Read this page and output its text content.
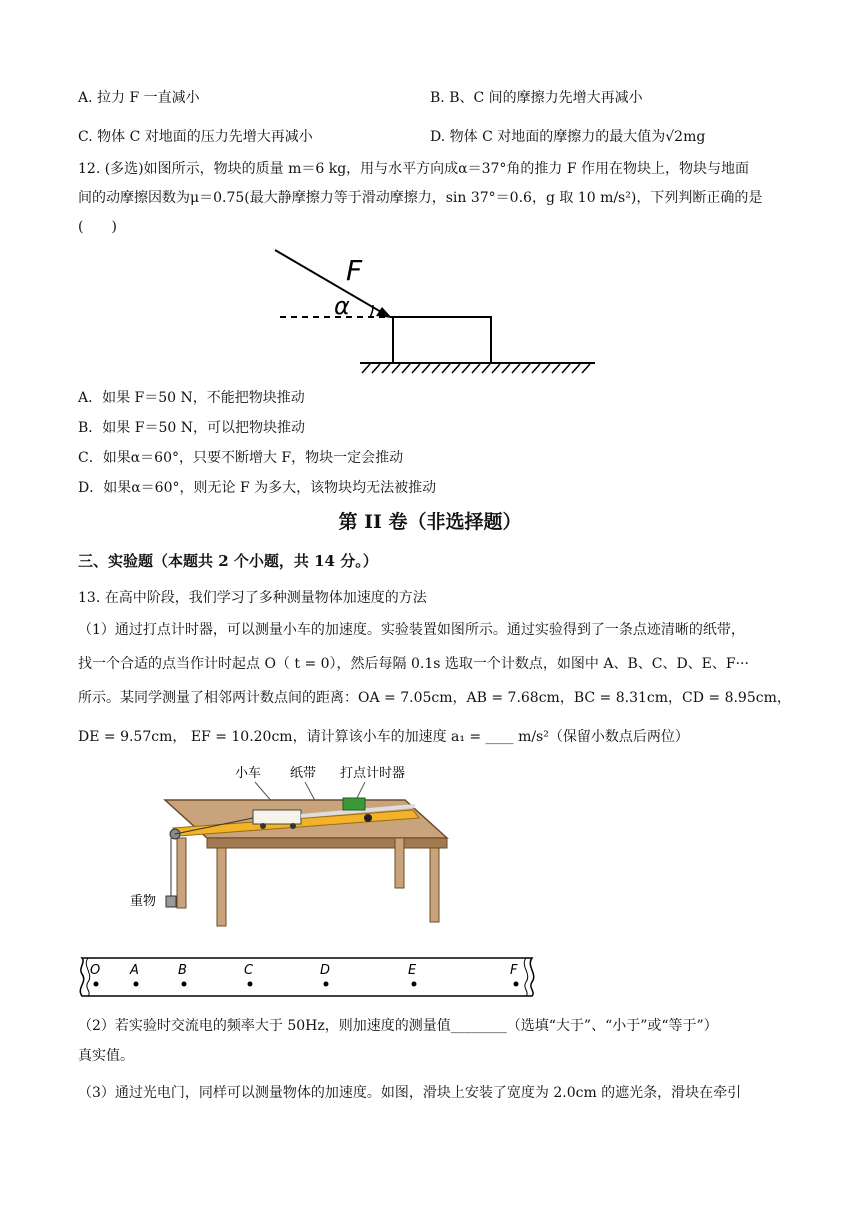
A. 拉力 F 一直减小	B. B、C 间的摩擦力先增大再减小
C. 物体 C 对地面的压力先增大再减小	D. 物体 C 对地面的摩擦力的最大值为√2mg
12. (多选)如图所示，物块的质量 m＝6 kg，用与水平方向成α＝37°角的推力 F 作用在物块上，物块与地面
间的动摩擦因数为μ＝0.75(最大静摩擦力等于滑动摩擦力，sin 37°＝0.6，g 取 10 m/s²)，下列判断正确的是
(　　)
F
α
A．如果 F＝50 N，不能把物块推动
B．如果 F＝50 N，可以把物块推动
C．如果α＝60°，只要不断增大 F，物块一定会推动
D．如果α＝60°，则无论 F 为多大，该物块均无法被推动
第 II 卷（非选择题）
三、实验题（本题共 2 个小题，共 14 分。）
13. 在高中阶段，我们学习了多种测量物体加速度的方法
（1）通过打点计时器，可以测量小车的加速度。实验装置如图所示。通过实验得到了一条点迹清晰的纸带，
找一个合适的点当作计时起点 O（ t = 0），然后每隔 0.1s 选取一个计数点，如图中 A、B、C、D、E、F···
所示。某同学测量了相邻两计数点间的距离：OA = 7.05cm，AB = 7.68cm，BC = 8.31cm，CD = 8.95cm，
DE = 9.57cm， EF = 10.20cm，请计算该小车的加速度 a₁ = ____ m/s²（保留小数点后两位）
小车 纸带 打点计时器
重物
O A	B	C	D	E	F
（2）若实验时交流电的频率大于 50Hz，则加速度的测量值________（选填“大于”、“小于”或“等于”）
真实值。
（3）通过光电门，同样可以测量物体的加速度。如图，滑块上安装了宽度为 2.0cm 的遮光条，滑块在牵引
